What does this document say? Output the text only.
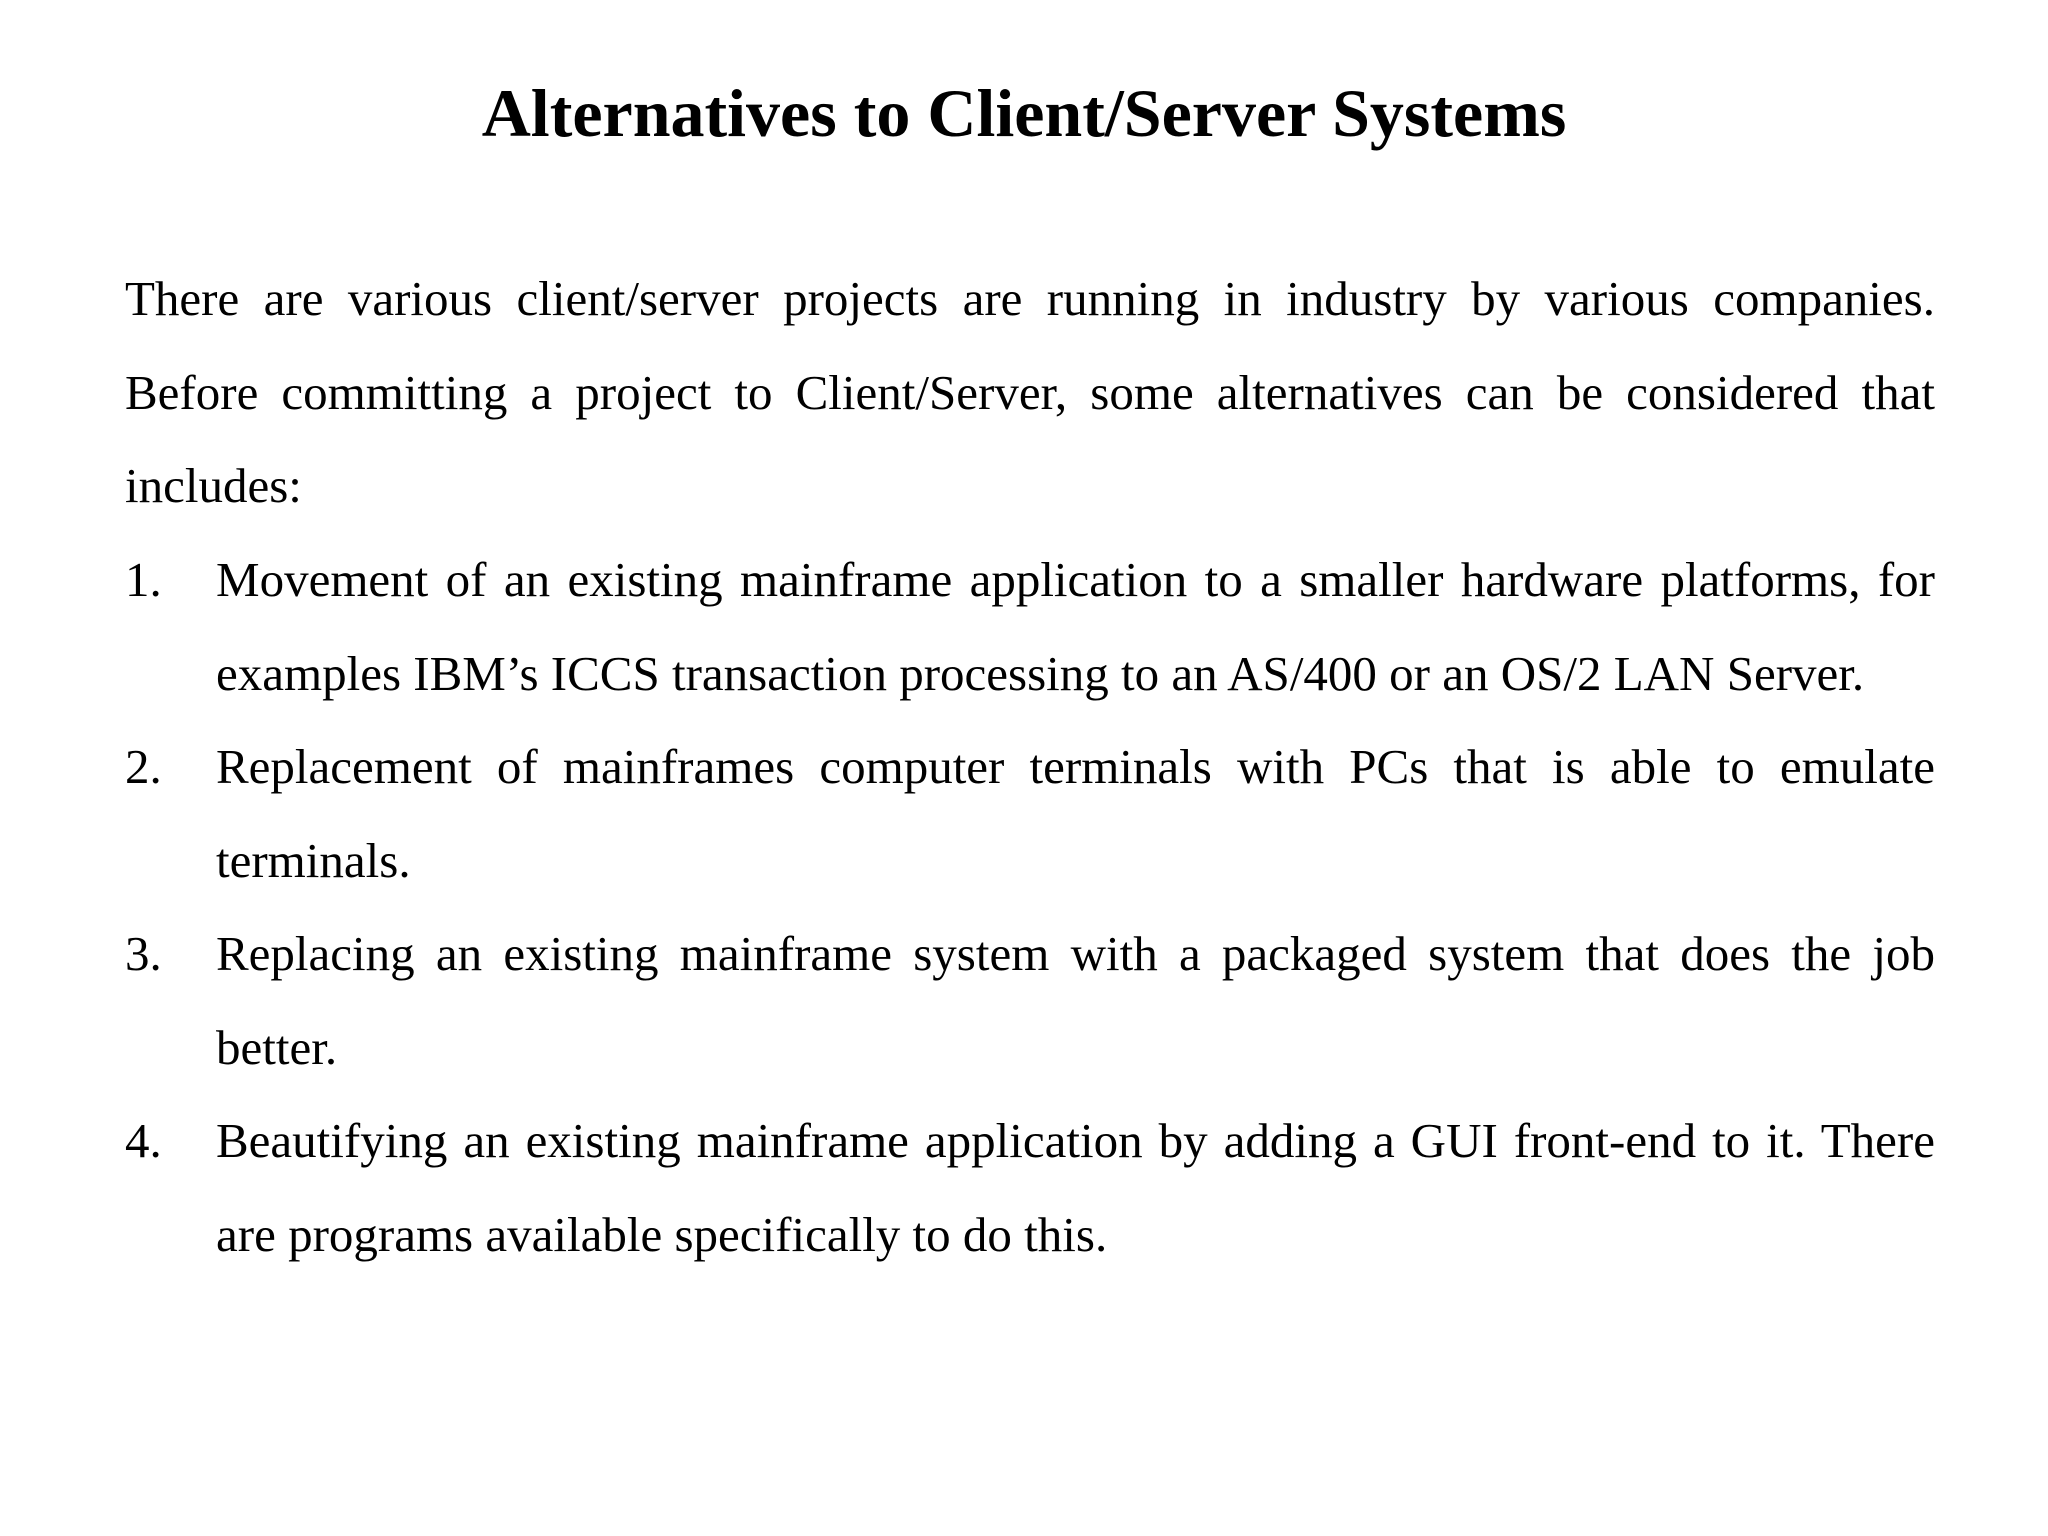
Alternatives to Client/Server Systems

There are various client/server projects are running in industry by various companies. Before committing a project to Client/Server, some alternatives can be considered that includes:

1. Movement of an existing mainframe application to a smaller hardware platforms, for examples IBM’s ICCS transaction processing to an AS/400 or an OS/2 LAN Server.
2. Replacement of mainframes computer terminals with PCs that is able to emulate terminals.
3. Replacing an existing mainframe system with a packaged system that does the job better.
4. Beautifying an existing mainframe application by adding a GUI front-end to it. There are programs available specifically to do this.
